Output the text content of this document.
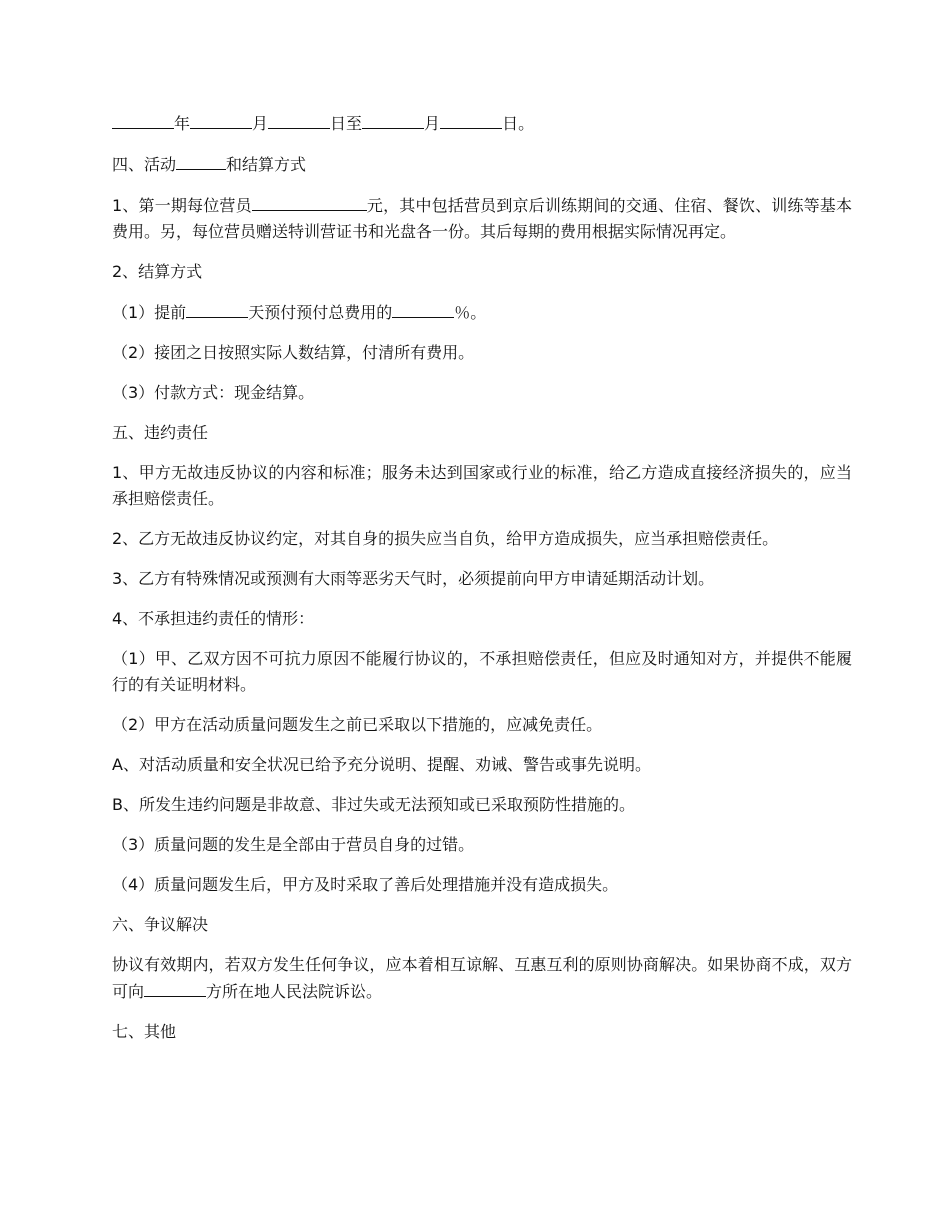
年	月	日至	月	日。

四、活动	和结算方式

1、第一期每位营员	元，其中包括营员到京后训练期间的交通、住宿、餐饮、训练等基本费用。另，每位营员赠送特训营证书和光盘各一份。其后每期的费用根据实际情况再定。

2、结算方式

（1）提前	天预付预付总费用的	％。

（2）接团之日按照实际人数结算，付清所有费用。

（3）付款方式：现金结算。

五、违约责任

1、甲方无故违反协议的内容和标准；服务未达到国家或行业的标准，给乙方造成直接经济损失的，应当承担赔偿责任。

2、乙方无故违反协议约定，对其自身的损失应当自负，给甲方造成损失，应当承担赔偿责任。

3、乙方有特殊情况或预测有大雨等恶劣天气时，必须提前向甲方申请延期活动计划。

4、不承担违约责任的情形：

（1）甲、乙双方因不可抗力原因不能履行协议的，不承担赔偿责任，但应及时通知对方，并提供不能履行的有关证明材料。

（2）甲方在活动质量问题发生之前已采取以下措施的，应减免责任。

A、对活动质量和安全状况已给予充分说明、提醒、劝诫、警告或事先说明。

B、所发生违约问题是非故意、非过失或无法预知或已采取预防性措施的。

（3）质量问题的发生是全部由于营员自身的过错。

（4）质量问题发生后，甲方及时采取了善后处理措施并没有造成损失。

六、争议解决

协议有效期内，若双方发生任何争议，应本着相互谅解、互惠互利的原则协商解决。如果协商不成，双方可向	方所在地人民法院诉讼。

七、其他
